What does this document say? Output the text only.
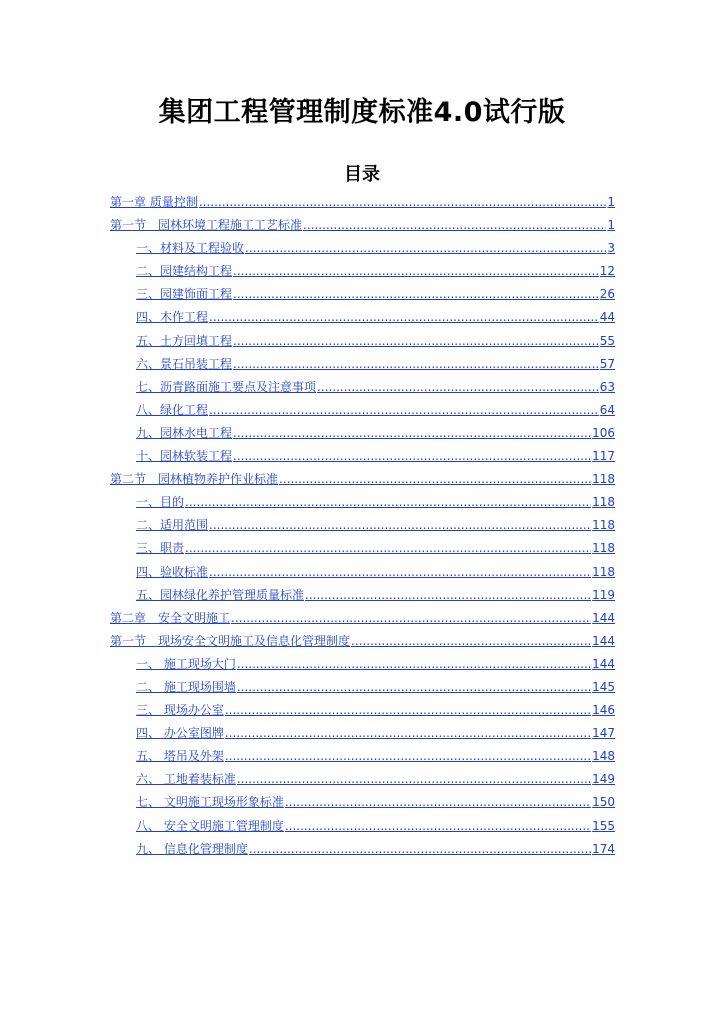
集团工程管理制度标准4.0试行版
目录
第一章 质量控制 .....	1
第一节　园林环境工程施工工艺标准 .....	1
一、材料及工程验收 .....	3
二、园建结构工程 .....	12
三、园建饰面工程 .....	26
四、木作工程 .....	44
五、土方回填工程 .....	55
六、景石吊装工程 .....	57
七、沥青路面施工要点及注意事项 .....	63
八、绿化工程 .....	64
九、园林水电工程 .....	106
十、园林软装工程 .....	117
第二节　园林植物养护作业标准 .....	118
一、目的 .....	118
二、适用范围 .....	118
三、职责 .....	118
四、验收标准 .....	118
五、园林绿化养护管理质量标准 .....	119
第二章　安全文明施工 .....	144
第一节　现场安全文明施工及信息化管理制度 .....	144
一、 施工现场大门 .....	144
二、 施工现场围墙 .....	145
三、 现场办公室 .....	146
四、 办公室图牌 .....	147
五、 塔吊及外架 .....	148
六、 工地着装标准 .....	149
七、 文明施工现场形象标准 .....	150
八、 安全文明施工管理制度 .....	155
九、 信息化管理制度 .....	174
